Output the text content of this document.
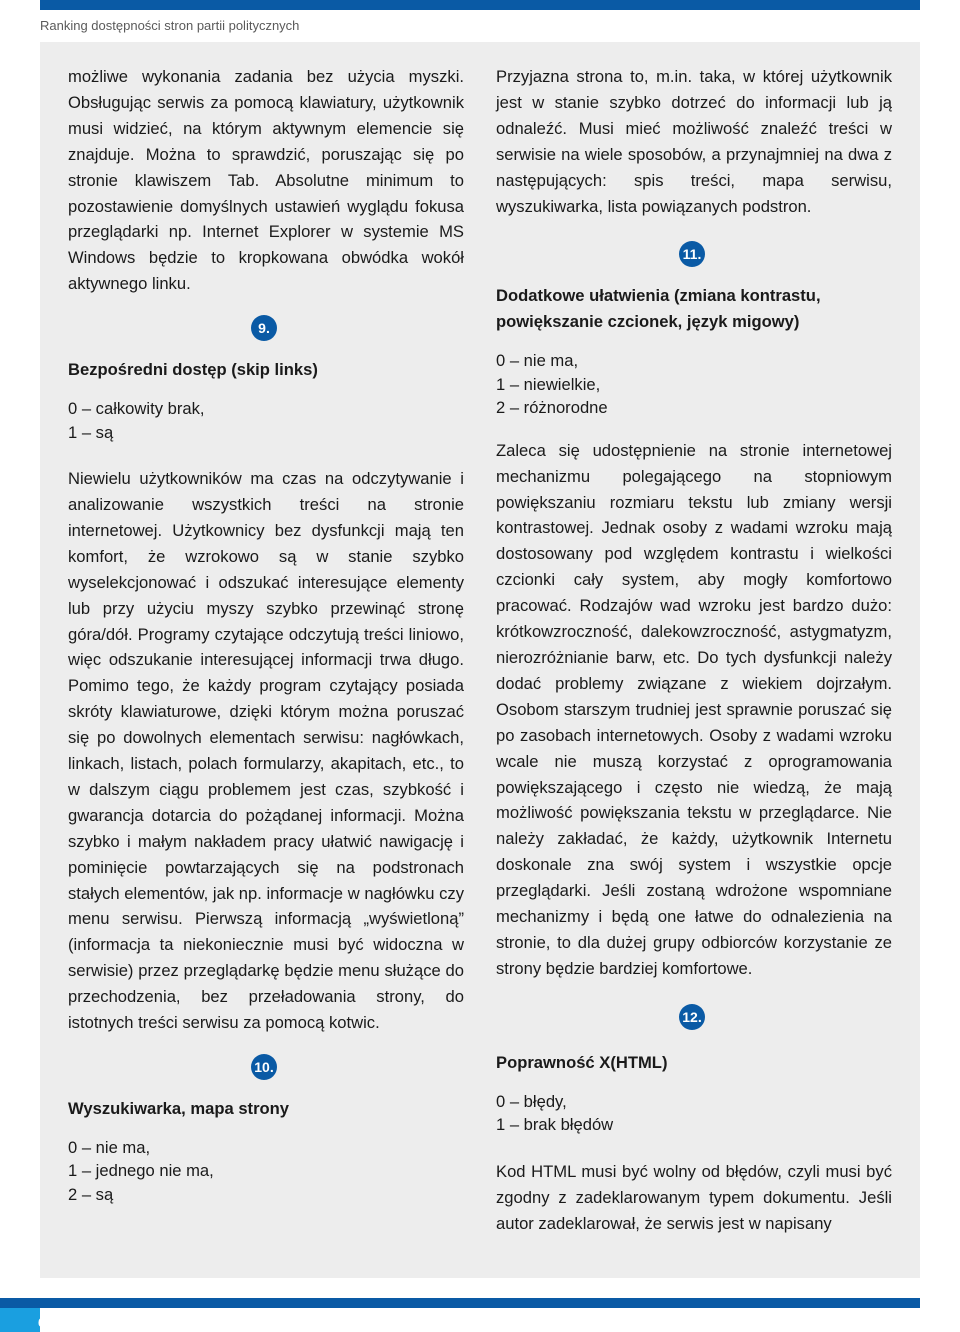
Ranking dostępności stron partii politycznych

możliwe wykonania zadania bez użycia myszki. Obsługując serwis za pomocą klawiatury, użytkownik musi widzieć, na którym aktywnym elemencie się znajduje. Można to sprawdzić, poruszając się po stronie klawiszem Tab. Absolutne minimum to pozostawienie domyślnych ustawień wyglądu fokusa przeglądarki np. Internet Explorer w systemie MS Windows będzie to kropkowana obwódka wokół aktywnego linku.

9.
Bezpośredni dostęp (skip links)
0 – całkowity brak,
1 – są

Niewielu użytkowników ma czas na odczytywanie i analizowanie wszystkich treści na stronie internetowej. Użytkownicy bez dysfunkcji mają ten komfort, że wzrokowo są w stanie szybko wyselekcjonować i odszukać interesujące elementy lub przy użyciu myszy szybko przewinąć stronę góra/dół. Programy czytające odczytują treści liniowo, więc odszukanie interesującej informacji trwa długo. Pomimo tego, że każdy program czytający posiada skróty klawiaturowe, dzięki którym można poruszać się po dowolnych elementach serwisu: nagłówkach, linkach, listach, polach formularzy, akapitach, etc., to w dalszym ciągu problemem jest czas, szybkość i gwarancja dotarcia do pożądanej informacji. Można szybko i małym nakładem pracy ułatwić nawigację i pominięcie powtarzających się na podstronach stałych elementów, jak np. informacje w nagłówku czy menu serwisu. Pierwszą informacją „wyświetloną” (informacja ta niekoniecznie musi być widoczna w serwisie) przez przeglądarkę będzie menu służące do przechodzenia, bez przeładowania strony, do istotnych treści serwisu za pomocą kotwic.

10.
Wyszukiwarka, mapa strony
0 – nie ma,
1 – jednego nie ma,
2 – są

Przyjazna strona to, m.in. taka, w której użytkownik jest w stanie szybko dotrzeć do informacji lub ją odnaleźć. Musi mieć możliwość znaleźć treści w serwisie na wiele sposobów, a przynajmniej na dwa z następujących: spis treści, mapa serwisu, wyszukiwarka, lista powiązanych podstron.

11.
Dodatkowe ułatwienia (zmiana kontrastu, powiększanie czcionek, język migowy)
0 – nie ma,
1 – niewielkie,
2 – różnorodne

Zaleca się udostępnienie na stronie internetowej mechanizmu polegającego na stopniowym powiększaniu rozmiaru tekstu lub zmiany wersji kontrastowej. Jednak osoby z wadami wzroku mają dostosowany pod względem kontrastu i wielkości czcionki cały system, aby mogły komfortowo pracować. Rodzajów wad wzroku jest bardzo dużo: krótkowzroczność, dalekowzroczność, astygmatyzm, nierozróżnianie barw, etc. Do tych dysfunkcji należy dodać problemy związane z wiekiem dojrzałym. Osobom starszym trudniej jest sprawnie poruszać się po zasobach internetowych. Osoby z wadami wzroku wcale nie muszą korzystać z oprogramowania powiększającego i często nie wiedzą, że mają możliwość powiększania tekstu w przeglądarce. Nie należy zakładać, że każdy, użytkownik Internetu doskonale zna swój system i wszystkie opcje przeglądarki. Jeśli zostaną wdrożone wspomniane mechanizmy i będą one łatwe do odnalezienia na stronie, to dla dużej grupy odbiorców korzystanie ze strony będzie bardziej komfortowe.

12.
Poprawność X(HTML)
0 – błędy,
1 – brak błędów

Kod HTML musi być wolny od błędów, czyli musi być zgodny z zadeklarowanym typem dokumentu. Jeśli autor zadeklarował, że serwis jest w napisany

6
